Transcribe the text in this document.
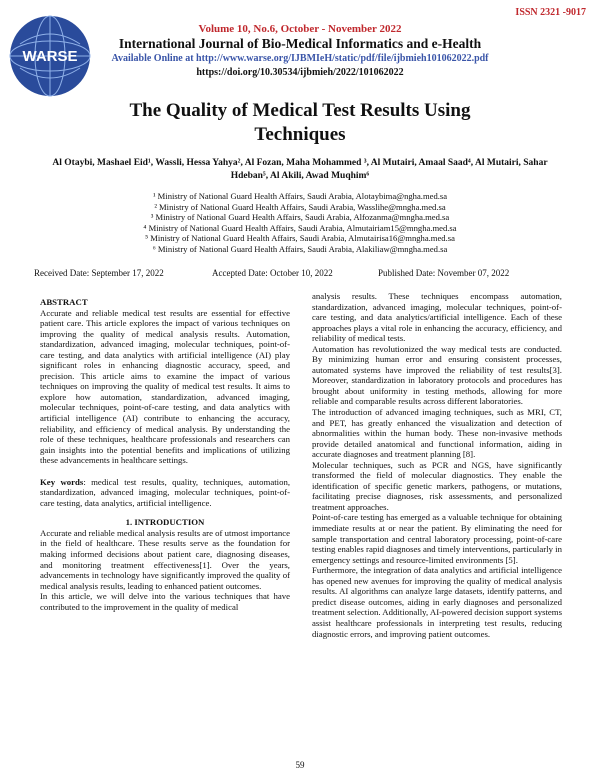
ISSN 2321 -9017
WARSE
Volume 10, No.6, October - November 2022
International Journal of Bio-Medical Informatics and e-Health
Available Online at http://www.warse.org/IJBMIeH/static/pdf/file/ijbmieh101062022.pdf
https://doi.org/10.30534/ijbmieh/2022/101062022
The Quality of Medical Test Results Using Techniques
Al Otaybi, Mashael Eid¹, Wassli, Hessa Yahya², Al Fozan, Maha Mohammed ³, Al Mutairi, Amaal Saad⁴, Al Mutairi, Sahar Hdeban⁵, Al Akili, Awad Muqhim⁶
¹ Ministry of National Guard Health Affairs, Saudi Arabia, Alotaybima@ngha.med.sa
² Ministry of National Guard Health Affairs, Saudi Arabia, Wasslihe@mngha.med.sa
³ Ministry of National Guard Health Affairs, Saudi Arabia, Alfozanma@mngha.med.sa
⁴ Ministry of National Guard Health Affairs, Saudi Arabia, Almutairiam15@mngha.med.sa
⁵ Ministry of National Guard Health Affairs, Saudi Arabia, Almutairisa16@mngha.med.sa
⁶ Ministry of National Guard Health Affairs, Saudi Arabia, Alakiliaw@mngha.med.sa
Received Date: September 17, 2022	Accepted Date: October 10, 2022	Published Date: November 07, 2022

ABSTRACT

Accurate and reliable medical test results are essential for effective patient care. This article explores the impact of various techniques on improving the quality of medical analysis results. Automation, standardization, advanced imaging, molecular techniques, point-of-care testing, and data analytics with artificial intelligence (AI) play significant roles in enhancing diagnostic accuracy, speed, and precision. This article aims to examine the impact of various techniques on improving the quality of medical test results. It aims to explore how automation, standardization, advanced imaging, molecular techniques, point-of-care testing, and data analytics with artificial intelligence (AI) contribute to enhancing the accuracy, reliability, and efficiency of medical analysis. By understanding the role of these techniques, healthcare professionals and researchers can gain insights into the potential benefits and implications of utilizing these advancements in healthcare settings.

Key words: medical test results, quality, techniques, automation, standardization, advanced imaging, molecular techniques, point-of-care testing, data analytics, artificial intelligence.

1. INTRODUCTION

Accurate and reliable medical analysis results are of utmost importance in the field of healthcare. These results serve as the foundation for making informed decisions about patient care, diagnosing diseases, and monitoring treatment effectiveness[1]. Over the years, advancements in technology have significantly improved the quality of medical analysis results, leading to enhanced patient outcomes.

In this article, we will delve into the various techniques that have contributed to the improvement in the quality of medical

analysis results. These techniques encompass automation, standardization, advanced imaging, molecular techniques, point-of-care testing, and data analytics/artificial intelligence. Each of these approaches plays a vital role in enhancing the accuracy, efficiency, and reliability of medical tests.

Automation has revolutionized the way medical tests are conducted. By minimizing human error and ensuring consistent processes, automated systems have improved the reliability of test results[3]. Moreover, standardization in laboratory protocols and procedures has brought about uniformity in testing methods, allowing for more reliable and comparable results across different laboratories.

The introduction of advanced imaging techniques, such as MRI, CT, and PET, has greatly enhanced the visualization and detection of abnormalities within the human body. These non-invasive methods provide detailed anatomical and functional information, aiding in accurate diagnoses and treatment planning [8].

Molecular techniques, such as PCR and NGS, have significantly transformed the field of molecular diagnostics. They enable the identification of specific genetic markers, pathogens, or mutations, facilitating precise diagnoses, risk assessments, and personalized treatment approaches.

Point-of-care testing has emerged as a valuable technique for obtaining immediate results at or near the patient. By eliminating the need for sample transportation and central laboratory processing, point-of-care testing enables rapid diagnoses and timely interventions, particularly in emergency settings and resource-limited environments [5].

Furthermore, the integration of data analytics and artificial intelligence has opened new avenues for improving the quality of medical analysis results. AI algorithms can analyze large datasets, identify patterns, and predict disease outcomes, aiding in early diagnoses and personalized treatment selection. Additionally, AI-powered decision support systems assist healthcare professionals in interpreting test results, reducing diagnostic errors, and improving patient outcomes.

59
